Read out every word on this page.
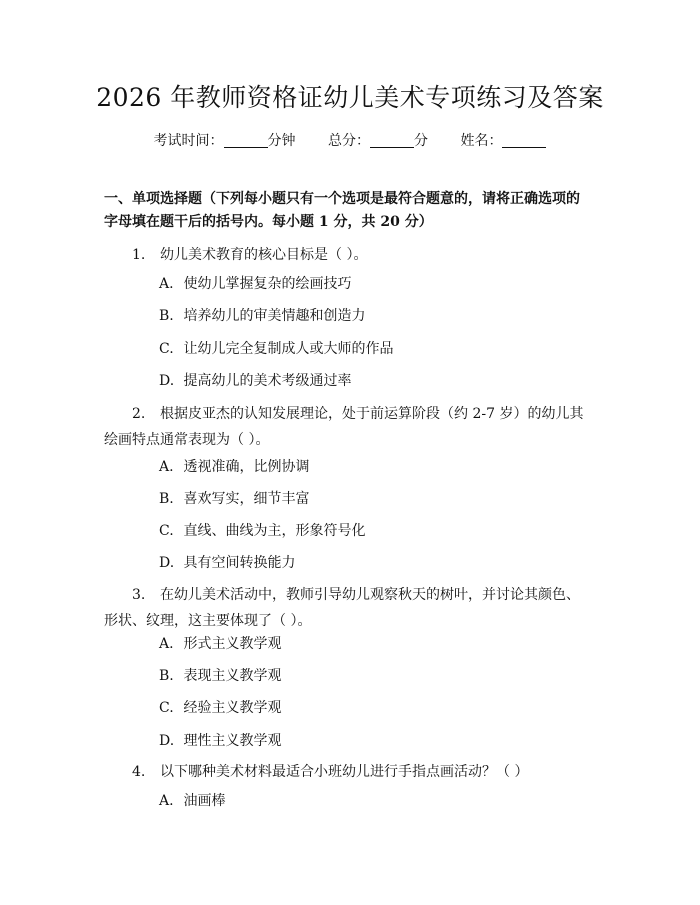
2026 年教师资格证幼儿美术专项练习及答案
考试时间：	分钟 总分：	分 姓名：
一、单项选择题（下列每小题只有一个选项是最符合题意的，请将正确选项的字母填在题干后的括号内。每小题 1 分，共 20 分）
1. 幼儿美术教育的核心目标是（ ）。
A. 使幼儿掌握复杂的绘画技巧
B. 培养幼儿的审美情趣和创造力
C. 让幼儿完全复制成人或大师的作品
D. 提高幼儿的美术考级通过率
2. 根据皮亚杰的认知发展理论，处于前运算阶段（约 2-7 岁）的幼儿其绘画特点通常表现为（ ）。
A. 透视准确，比例协调
B. 喜欢写实，细节丰富
C. 直线、曲线为主，形象符号化
D. 具有空间转换能力
3. 在幼儿美术活动中，教师引导幼儿观察秋天的树叶，并讨论其颜色、形状、纹理，这主要体现了（ ）。
A. 形式主义教学观
B. 表现主义教学观
C. 经验主义教学观
D. 理性主义教学观
4. 以下哪种美术材料最适合小班幼儿进行手指点画活动？（ ）
A. 油画棒
